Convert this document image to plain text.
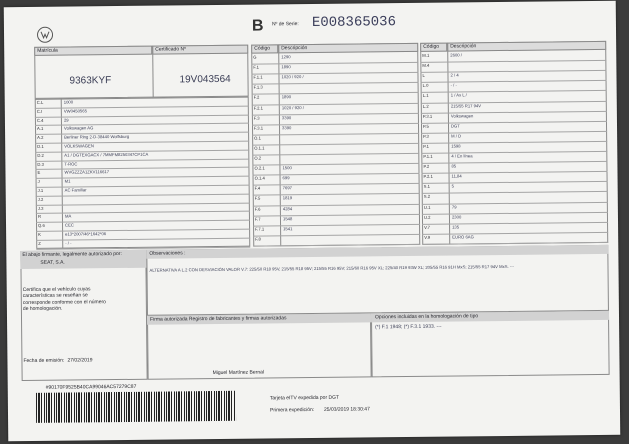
B Nº de Serie: E008365036
Matrícula	Certificado Nº
9363KYF	19V043564
C.L	1000
C.I	VW0450565
C.4	29
A.1	Volkswagen AG
A.2	Berliner Ring 2-D-38440 Wolfsburg
D.1	VOLKSWAGEN
D.2	A1 / DGTEXGACX / 7MMFM8250347CP1CA
D.3	T-ROC
E	WVGZZZA1ZKV116617
J	M1
J.1	AC Familiar
J.2
J.3
R	MA
Q.6	CEC
K	e13*2007/46*1642*06
Z	- / -
Código	Descripción
G	1290
F.1	1890
F.1.1	1020 / 920 /
F.1.3
F.2	1890
F.2.1	1020 / 920 /
F.3	3390
F.3.1	3390
O.1
O.1.1
O.2
O.2.1	1500
O.1.4	699
F.4	7697
F.5	1819
F.6	4284
F.7	1548
F.7.1	1541
F.8
Código	Descripción
M.1	2600 /
M.4
L	2 / 4
L.0	- / -
L.1	1 / Ax L /
L.2	215/55 R17 94V
P.3.1	Volkswagen
P.5	DGT
P.3	M / D
P.1	1598
P.1.1	4 / En línea
P.2	85
P.2.1	11,84
S.1	5
S.2
U.1	79
U.2	2300
V.7	135
V.9	EURO 6AG
El abajo firmante, legalmente autorizado por:
SEAT, S.A.
Certifica que el vehículo cuyas características se reseñan se corresponde conforme con el número de homologación.
Fecha de emisión: 27/02/2019
Observaciones :
ALTERNATIVA A L.2 CON DESVIACIÓN VALOR V.7: 225/50 R18 95V, 215/55 R18 95V; 215/55 R16 95V; 215/60 R16 95V XL; 225/40 R19 93W XL; 205/55 R16 91H MxS; 215/55 R17 94V MxS. ---
Firma autorizada Registro de fabricantes y firmas autorizadas
Miguel Martínez Bernal
Opciones incluidas en la homologación de tipo
(*) F.1 1948; (*) F.3.1 1933. ---
#90170F9525B40CA99046AC57279C87
Tarjeta eITV expedida por DGT
Primera expedición: 25/03/2019 18:30:47
